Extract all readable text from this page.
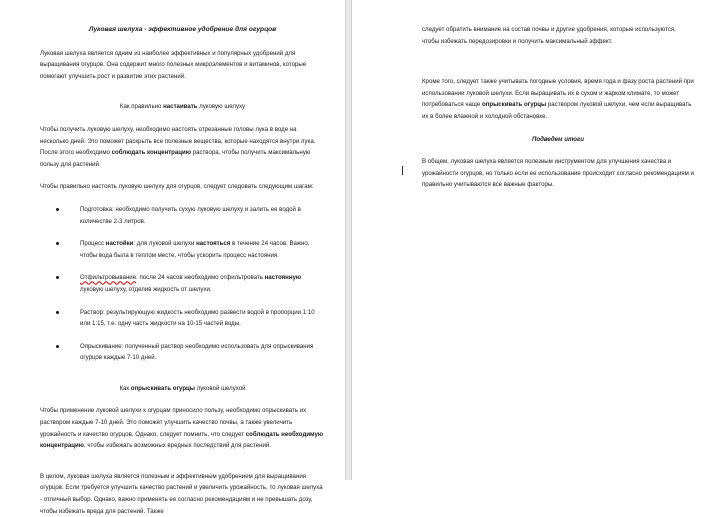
Луковая шелуха - эффективное удобрение для огурцов

Луковая шелуха является одним из наиболее эффективных и популярных удобрений для выращивания огурцов. Она содержит много полезных микроэлементов и витаминов, которые помогают улучшить рост и развитие этих растений.

Как правильно настаивать луковую шелуху

Чтобы получить луковую шелуху, необходимо настоять отрезанные головы лука в воде на несколько дней. Это поможет раскрыть все полезные вещества, которые находятся внутри лука. После этого необходимо соблюдать концентрацию раствора, чтобы получить максимальную пользу для растений.

Чтобы правильно настоять луковую шелуху для огурцов, следует следовать следующим шагам:

Подготовка: необходимо получить сухую луковую шелуху и залить ее водой в количестве 2-3 литров.
Процесс настойки: для луковой шелухи настояться в течение 24 часов. Важно, чтобы вода была в теплом месте, чтобы ускорить процесс настояния.
Отфильтровывание: после 24 часов необходимо отфильтровать настоянную луковую шелуху, отделив жидкость от шелухи.
Раствор: результирующую жидкость необходимо развести водой в пропорции 1:10 или 1:15, т.е. одну часть жидкости на 10-15 частей воды.
Опрыскивание: полученный раствор необходимо использовать для опрыскивания огурцов каждые 7-10 дней.

Как опрыскивать огурцы луковой шелухой

Чтобы применение луковой шелухи к огурцам приносило пользу, необходимо опрыскивать их раствором каждые 7-10 дней. Это поможет улучшить качество почвы, а также увеличить урожайность и качество огурцов. Однако, следует помнить, что следует соблюдать необходимую концентрацию, чтобы избежать возможных вредных последствий для растений.

В целом, луковая шелуха является полезным и эффективным удобрением для выращивания огурцов. Если требуется улучшить качество растений и увеличить урожайность, то луковая шелуха - отличный выбор. Однако, важно применять ее согласно рекомендациям и не превышать дозу, чтобы избежать вреда для растений. Также

следует обратить внимание на состав почвы и другие удобрения, которые используются, чтобы избежать передозировки и получить максимальный эффект.

Кроме того, следует также учитывать погодные условия, время года и фазу роста растений при использовании луковой шелухи. Если выращивать их в сухом и жарком климате, то может потребоваться чаще опрыскивать огурцы раствором луковой шелухи, чем если выращивать их в более влажной и холодной обстановке.

Подведем итоги

В общем, луковая шелуха является полезным инструментом для улучшения качества и урожайности огурцов, но только если ее использование происходит согласно рекомендациям и правильно учитываются все важные факторы.
